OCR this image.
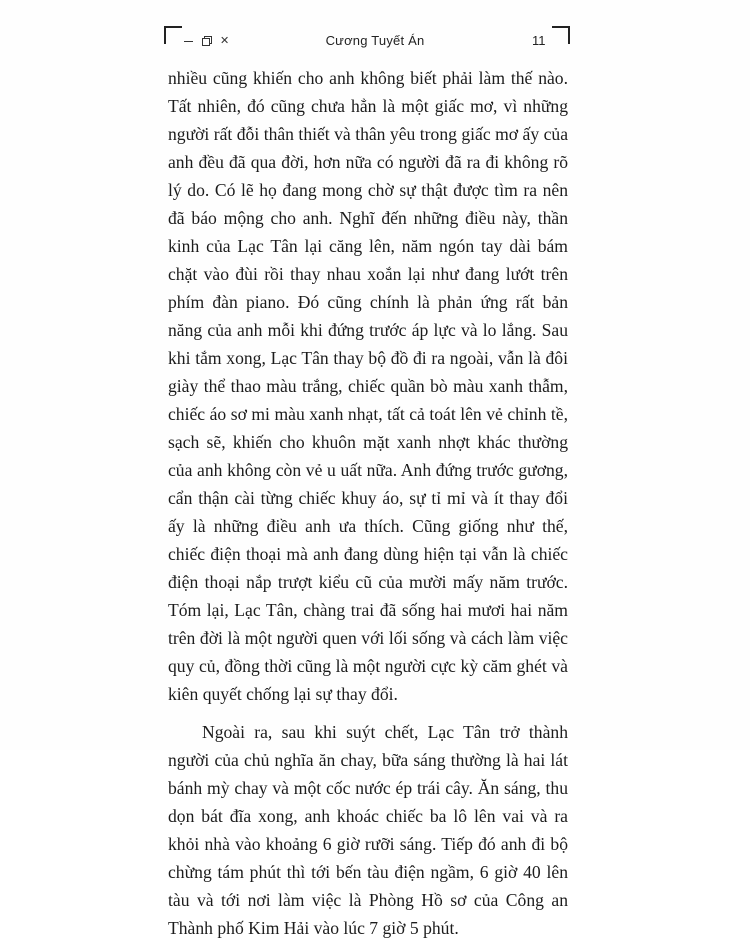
✕	Cương Tuyết Án	11

nhiều cũng khiến cho anh không biết phải làm thế nào. Tất nhiên, đó cũng chưa hẳn là một giấc mơ, vì những người rất đỗi thân thiết và thân yêu trong giấc mơ ấy của anh đều đã qua đời, hơn nữa có người đã ra đi không rõ lý do. Có lẽ họ đang mong chờ sự thật được tìm ra nên đã báo mộng cho anh. Nghĩ đến những điều này, thần kinh của Lạc Tân lại căng lên, năm ngón tay dài bám chặt vào đùi rồi thay nhau xoắn lại như đang lướt trên phím đàn piano. Đó cũng chính là phản ứng rất bản năng của anh mỗi khi đứng trước áp lực và lo lắng. Sau khi tắm xong, Lạc Tân thay bộ đồ đi ra ngoài, vẫn là đôi giày thể thao màu trắng, chiếc quần bò màu xanh thẫm, chiếc áo sơ mi màu xanh nhạt, tất cả toát lên vẻ chỉnh tề, sạch sẽ, khiến cho khuôn mặt xanh nhợt khác thường của anh không còn vẻ u uất nữa. Anh đứng trước gương, cẩn thận cài từng chiếc khuy áo, sự tỉ mỉ và ít thay đổi ấy là những điều anh ưa thích. Cũng giống như thế, chiếc điện thoại mà anh đang dùng hiện tại vẫn là chiếc điện thoại nắp trượt kiểu cũ của mười mấy năm trước. Tóm lại, Lạc Tân, chàng trai đã sống hai mươi hai năm trên đời là một người quen với lối sống và cách làm việc quy củ, đồng thời cũng là một người cực kỳ căm ghét và kiên quyết chống lại sự thay đổi.

Ngoài ra, sau khi suýt chết, Lạc Tân trở thành người của chủ nghĩa ăn chay, bữa sáng thường là hai lát bánh mỳ chay và một cốc nước ép trái cây. Ăn sáng, thu dọn bát đĩa xong, anh khoác chiếc ba lô lên vai và ra khỏi nhà vào khoảng 6 giờ rưỡi sáng. Tiếp đó anh đi bộ chừng tám phút thì tới bến tàu điện ngầm, 6 giờ 40 lên tàu và tới nơi làm việc là Phòng Hồ sơ của Công an Thành phố Kim Hải vào lúc 7 giờ 5 phút.
